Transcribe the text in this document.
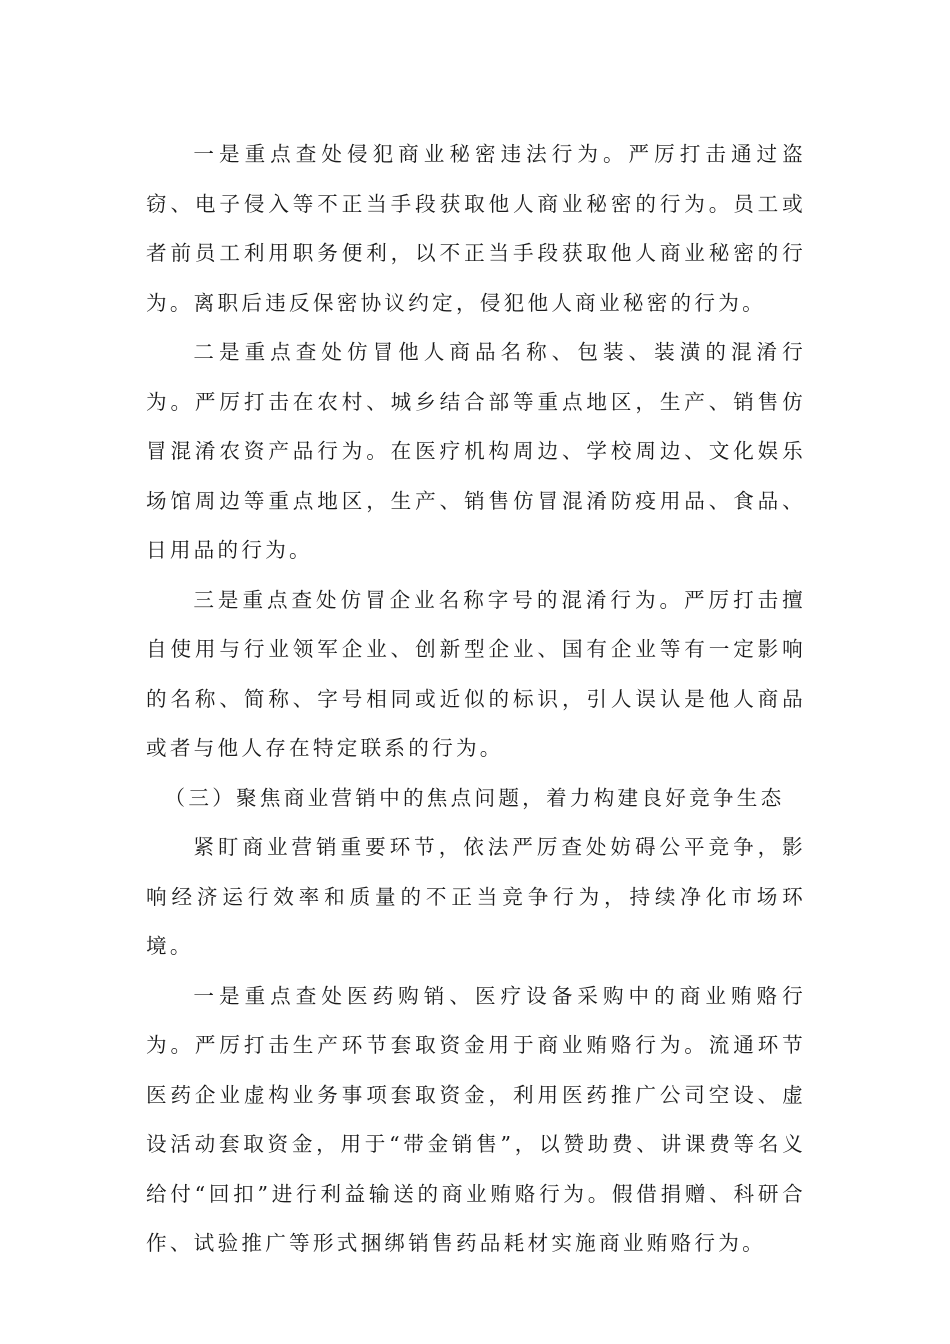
一是重点查处侵犯商业秘密违法行为。严厉打击通过盗窃、电子侵入等不正当手段获取他人商业秘密的行为。员工或者前员工利用职务便利，以不正当手段获取他人商业秘密的行为。离职后违反保密协议约定，侵犯他人商业秘密的行为。

二是重点查处仿冒他人商品名称、包装、装潢的混淆行为。严厉打击在农村、城乡结合部等重点地区，生产、销售仿冒混淆农资产品行为。在医疗机构周边、学校周边、文化娱乐场馆周边等重点地区，生产、销售仿冒混淆防疫用品、食品、日用品的行为。

三是重点查处仿冒企业名称字号的混淆行为。严厉打击擅自使用与行业领军企业、创新型企业、国有企业等有一定影响的名称、简称、字号相同或近似的标识，引人误认是他人商品或者与他人存在特定联系的行为。

（三）聚焦商业营销中的焦点问题，着力构建良好竞争生态

紧盯商业营销重要环节，依法严厉查处妨碍公平竞争，影响经济运行效率和质量的不正当竞争行为，持续净化市场环境。

一是重点查处医药购销、医疗设备采购中的商业贿赂行为。严厉打击生产环节套取资金用于商业贿赂行为。流通环节医药企业虚构业务事项套取资金，利用医药推广公司空设、虚设活动套取资金，用于“带金销售”，以赞助费、讲课费等名义给付“回扣”进行利益输送的商业贿赂行为。假借捐赠、科研合作、试验推广等形式捆绑销售药品耗材实施商业贿赂行为。
